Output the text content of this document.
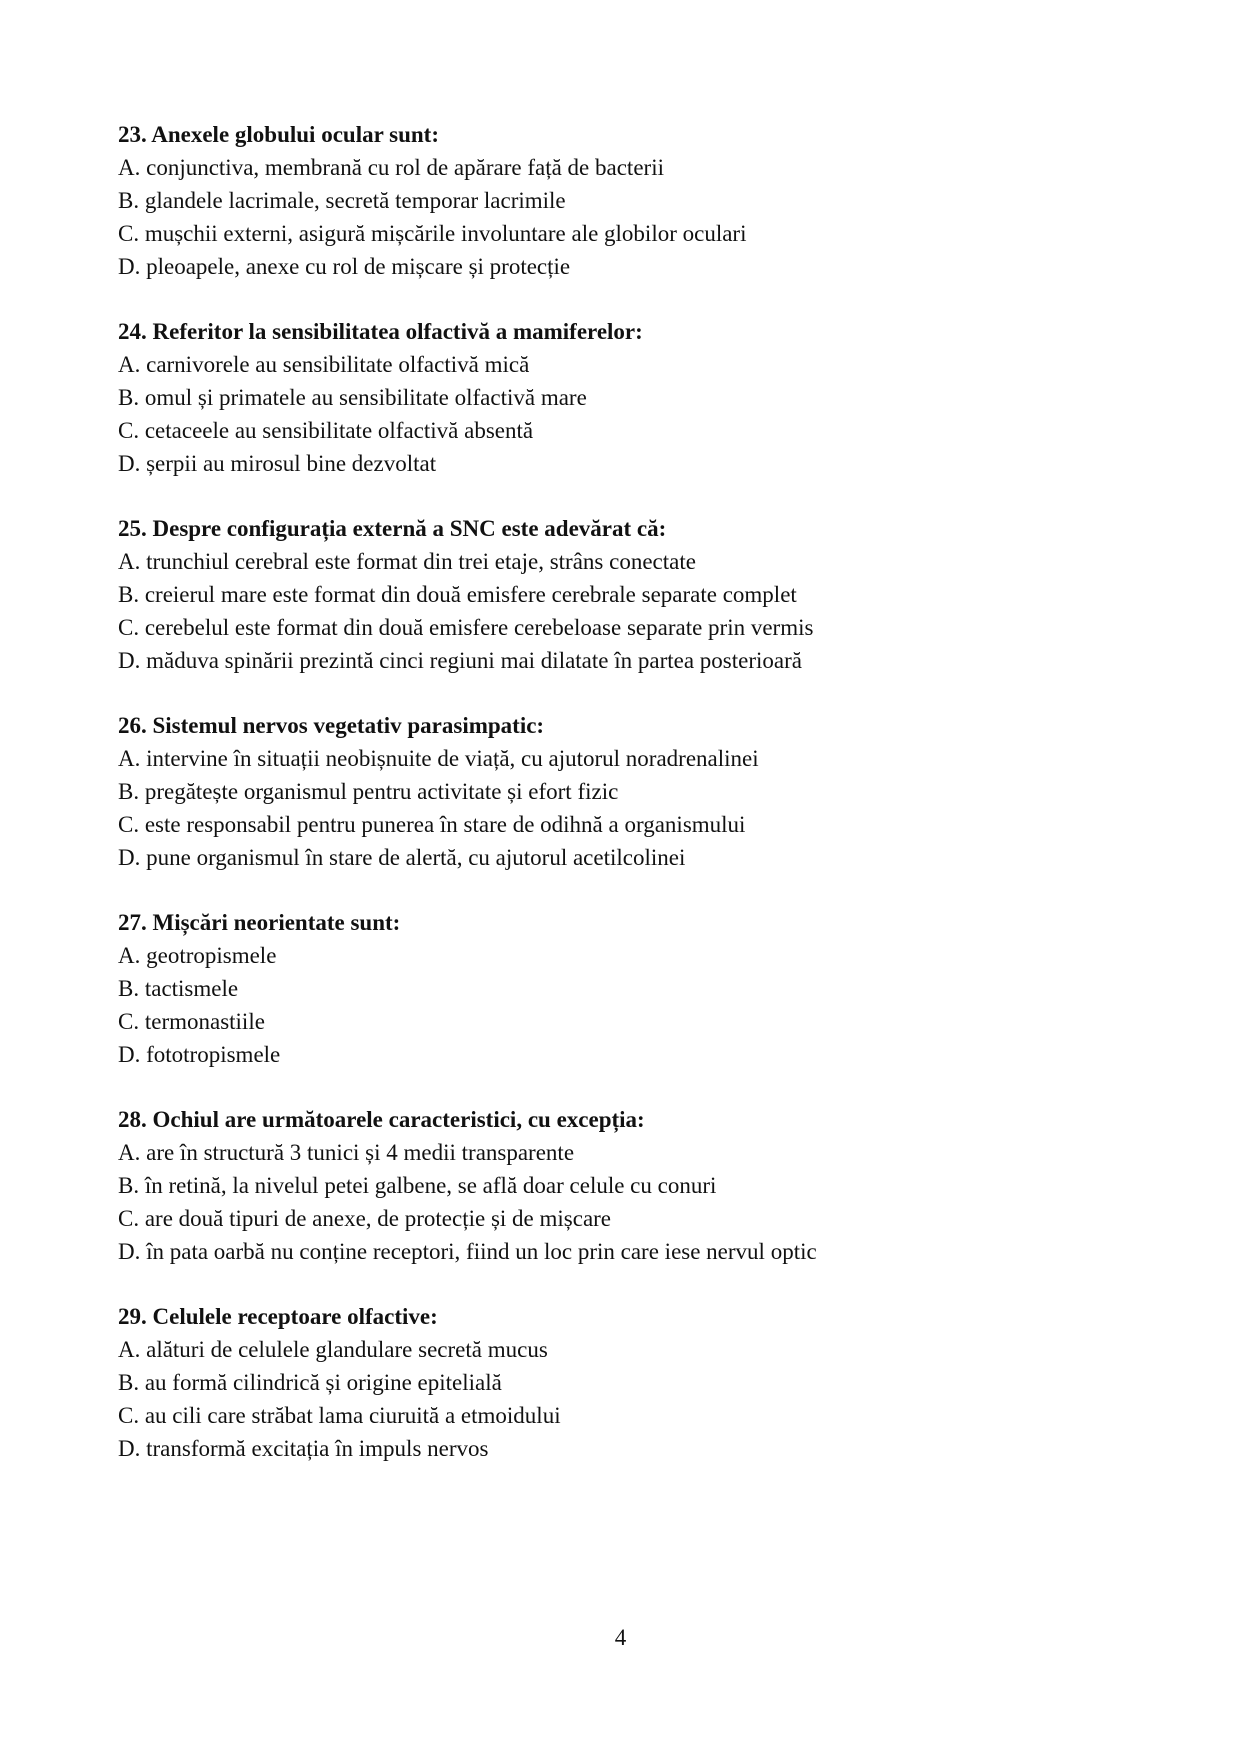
23. Anexele globului ocular sunt:
A. conjunctiva, membrană cu rol de apărare față de bacterii
B. glandele lacrimale, secretă temporar lacrimile
C. mușchii externi, asigură mișcările involuntare ale globilor oculari
D. pleoapele, anexe cu rol de mișcare și protecție
24. Referitor la sensibilitatea olfactivă a mamiferelor:
A. carnivorele au sensibilitate olfactivă mică
B. omul și primatele au sensibilitate olfactivă mare
C. cetaceele au sensibilitate olfactivă absentă
D. șerpii au mirosul bine dezvoltat
25. Despre configurația externă a SNC este adevărat că:
A. trunchiul cerebral este format din trei etaje, strâns conectate
B. creierul mare este format din două emisfere cerebrale separate complet
C. cerebelul este format din două emisfere cerebeloase separate prin vermis
D. măduva spinării prezintă cinci regiuni mai dilatate în partea posterioară
26. Sistemul nervos vegetativ parasimpatic:
A. intervine în situații neobișnuite de viață, cu ajutorul noradrenalinei
B. pregătește organismul pentru activitate și efort fizic
C. este responsabil pentru punerea în stare de odihnă a organismului
D. pune organismul în stare de alertă, cu ajutorul acetilcolinei
27. Mișcări neorientate sunt:
A. geotropismele
B. tactismele
C. termonastiile
D. fototropismele
28. Ochiul are următoarele caracteristici, cu excepția:
A. are în structură 3 tunici și 4 medii transparente
B. în retină, la nivelul petei galbene, se află doar celule cu conuri
C. are două tipuri de anexe, de protecție și de mișcare
D. în pata oarbă nu conține receptori, fiind un loc prin care iese nervul optic
29. Celulele receptoare olfactive:
A. alături de celulele glandulare secretă mucus
B. au formă cilindrică și origine epitelială
C. au cili care străbat lama ciuruită a etmoidului
D. transformă excitația în impuls nervos
4
